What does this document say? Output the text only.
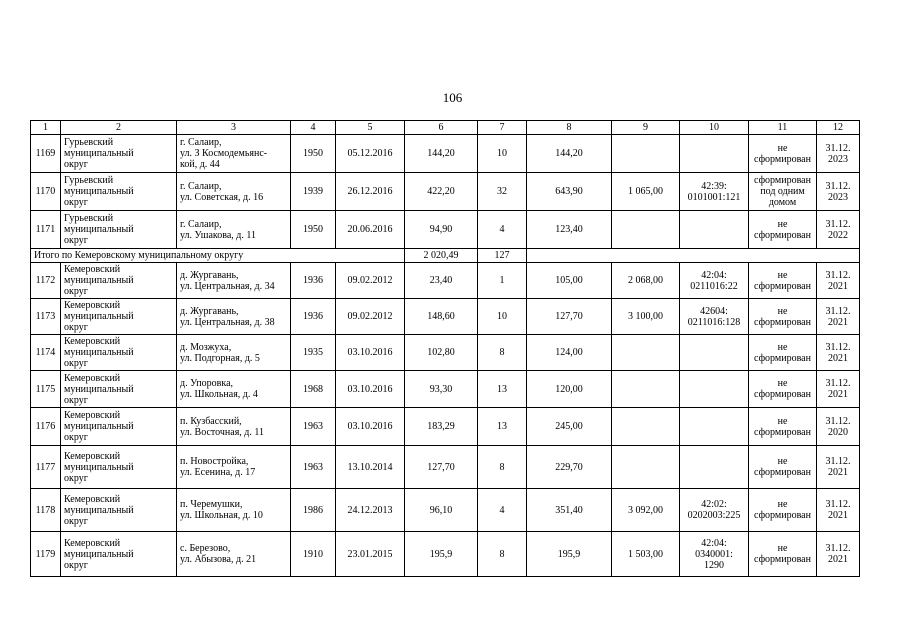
106
1	2	3	4	5	6	7	8	9	10	11	12
1169	Гурьевский
муниципальный
округ	г. Салаир,
ул. З Космодемьянс-
кой, д. 44	1950	05.12.2016	144,20	10	144,20			не
сформирован	31.12.
2023
1170	Гурьевский
муниципальный
округ	г. Салаир,
ул. Советская, д. 16	1939	26.12.2016	422,20	32	643,90	1 065,00	42:39:
0101001:121	сформирован
под одним
домом	31.12.
2023
1171	Гурьевский
муниципальный
округ	г. Салаир,
ул. Ушакова, д. 11	1950	20.06.2016	94,90	4	123,40			не
сформирован	31.12.
2022
Итого по Кемеровскому муниципальному округу					2 020,49	127					
1172	Кемеровский
муниципальный
округ	д. Жургавань,
ул. Центральная, д. 34	1936	09.02.2012	23,40	1	105,00	2 068,00	42:04:
0211016:22	не
сформирован	31.12.
2021
1173	Кемеровский
муниципальный
округ	д. Жургавань,
ул. Центральная, д. 38	1936	09.02.2012	148,60	10	127,70	3 100,00	42604:
0211016:128	не
сформирован	31.12.
2021
1174	Кемеровский
муниципальный
округ	д. Мозжуха,
ул. Подгорная, д. 5	1935	03.10.2016	102,80	8	124,00			не
сформирован	31.12.
2021
1175	Кемеровский
муниципальный
округ	д. Упоровка,
ул. Школьная, д. 4	1968	03.10.2016	93,30	13	120,00			не
сформирован	31.12.
2021
1176	Кемеровский
муниципальный
округ	п. Кузбасский,
ул. Восточная, д. 11	1963	03.10.2016	183,29	13	245,00			не
сформирован	31.12.
2020
1177	Кемеровский
муниципальный
округ	п. Новостройка,
ул. Есенина, д. 17	1963	13.10.2014	127,70	8	229,70			не
сформирован	31.12.
2021
1178	Кемеровский
муниципальный
округ	п. Черемушки,
ул. Школьная, д. 10	1986	24.12.2013	96,10	4	351,40	3 092,00	42:02:
0202003:225	не
сформирован	31.12.
2021
1179	Кемеровский
муниципальный
округ	с. Березово,
ул. Абызова, д. 21	1910	23.01.2015	195,9	8	195,9	1 503,00	42:04:
0340001:
1290	не
сформирован	31.12.
2021
